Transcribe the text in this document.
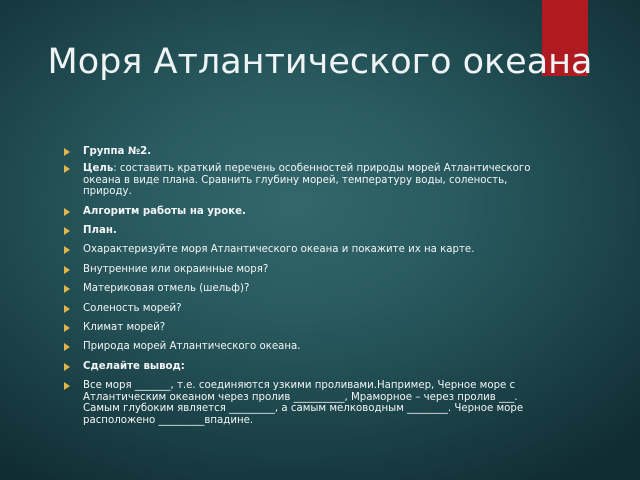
Моря Атлантического океана
Группа №2.
Цель: составить краткий перечень особенностей природы морей Атлантического океана в виде плана. Сравнить глубину морей, температуру воды, соленость, природу.
Алгоритм работы на уроке.
План.
Охарактеризуйте моря Атлантического океана и покажите их на карте.
Внутренние или окраинные моря?
Материковая отмель (шельф)?
Соленость морей?
Климат морей?
Природа морей Атлантического океана.
Сделайте вывод:
Все моря _______, т.е. соединяются узкими проливами.Например, Черное море с Атлантическим океаном через пролив __________, Мраморное – через пролив ___. Самым глубоким является _________, а самым мелководным ________. Черное море расположено _________впадине.
